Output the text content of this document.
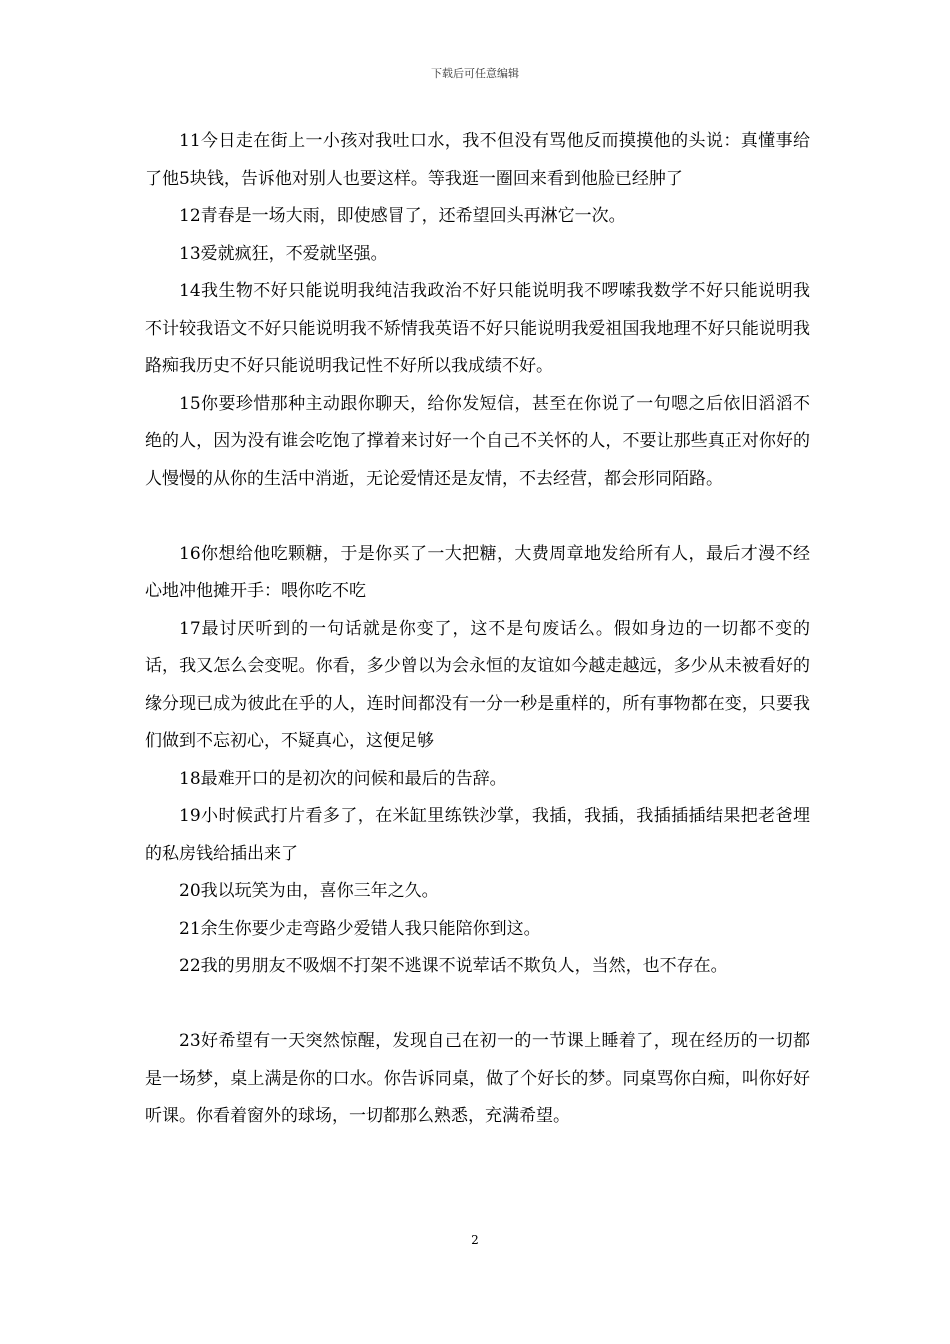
下载后可任意编辑

11今日走在街上一小孩对我吐口水，我不但没有骂他反而摸摸他的头说：真懂事给了他5块钱，告诉他对别人也要这样。等我逛一圈回来看到他脸已经肿了

12青春是一场大雨，即使感冒了，还希望回头再淋它一次。

13爱就疯狂，不爱就坚强。

14我生物不好只能说明我纯洁我政治不好只能说明我不啰嗦我数学不好只能说明我不计较我语文不好只能说明我不矫情我英语不好只能说明我爱祖国我地理不好只能说明我路痴我历史不好只能说明我记性不好所以我成绩不好。

15你要珍惜那种主动跟你聊天，给你发短信，甚至在你说了一句嗯之后依旧滔滔不绝的人，因为没有谁会吃饱了撑着来讨好一个自己不关怀的人，不要让那些真正对你好的人慢慢的从你的生活中消逝，无论爱情还是友情，不去经营，都会形同陌路。

16你想给他吃颗糖，于是你买了一大把糖，大费周章地发给所有人，最后才漫不经心地冲他摊开手：喂你吃不吃

17最讨厌听到的一句话就是你变了，这不是句废话么。假如身边的一切都不变的话，我又怎么会变呢。你看，多少曾以为会永恒的友谊如今越走越远，多少从未被看好的缘分现已成为彼此在乎的人，连时间都没有一分一秒是重样的，所有事物都在变，只要我们做到不忘初心，不疑真心，这便足够

18最难开口的是初次的问候和最后的告辞。

19小时候武打片看多了，在米缸里练铁沙掌，我插，我插，我插插插结果把老爸埋的私房钱给插出来了

20我以玩笑为由，喜你三年之久。

21余生你要少走弯路少爱错人我只能陪你到这。

22我的男朋友不吸烟不打架不逃课不说荤话不欺负人，当然，也不存在。

23好希望有一天突然惊醒，发现自己在初一的一节课上睡着了，现在经历的一切都是一场梦，桌上满是你的口水。你告诉同桌，做了个好长的梦。同桌骂你白痴，叫你好好听课。你看着窗外的球场，一切都那么熟悉，充满希望。

2
